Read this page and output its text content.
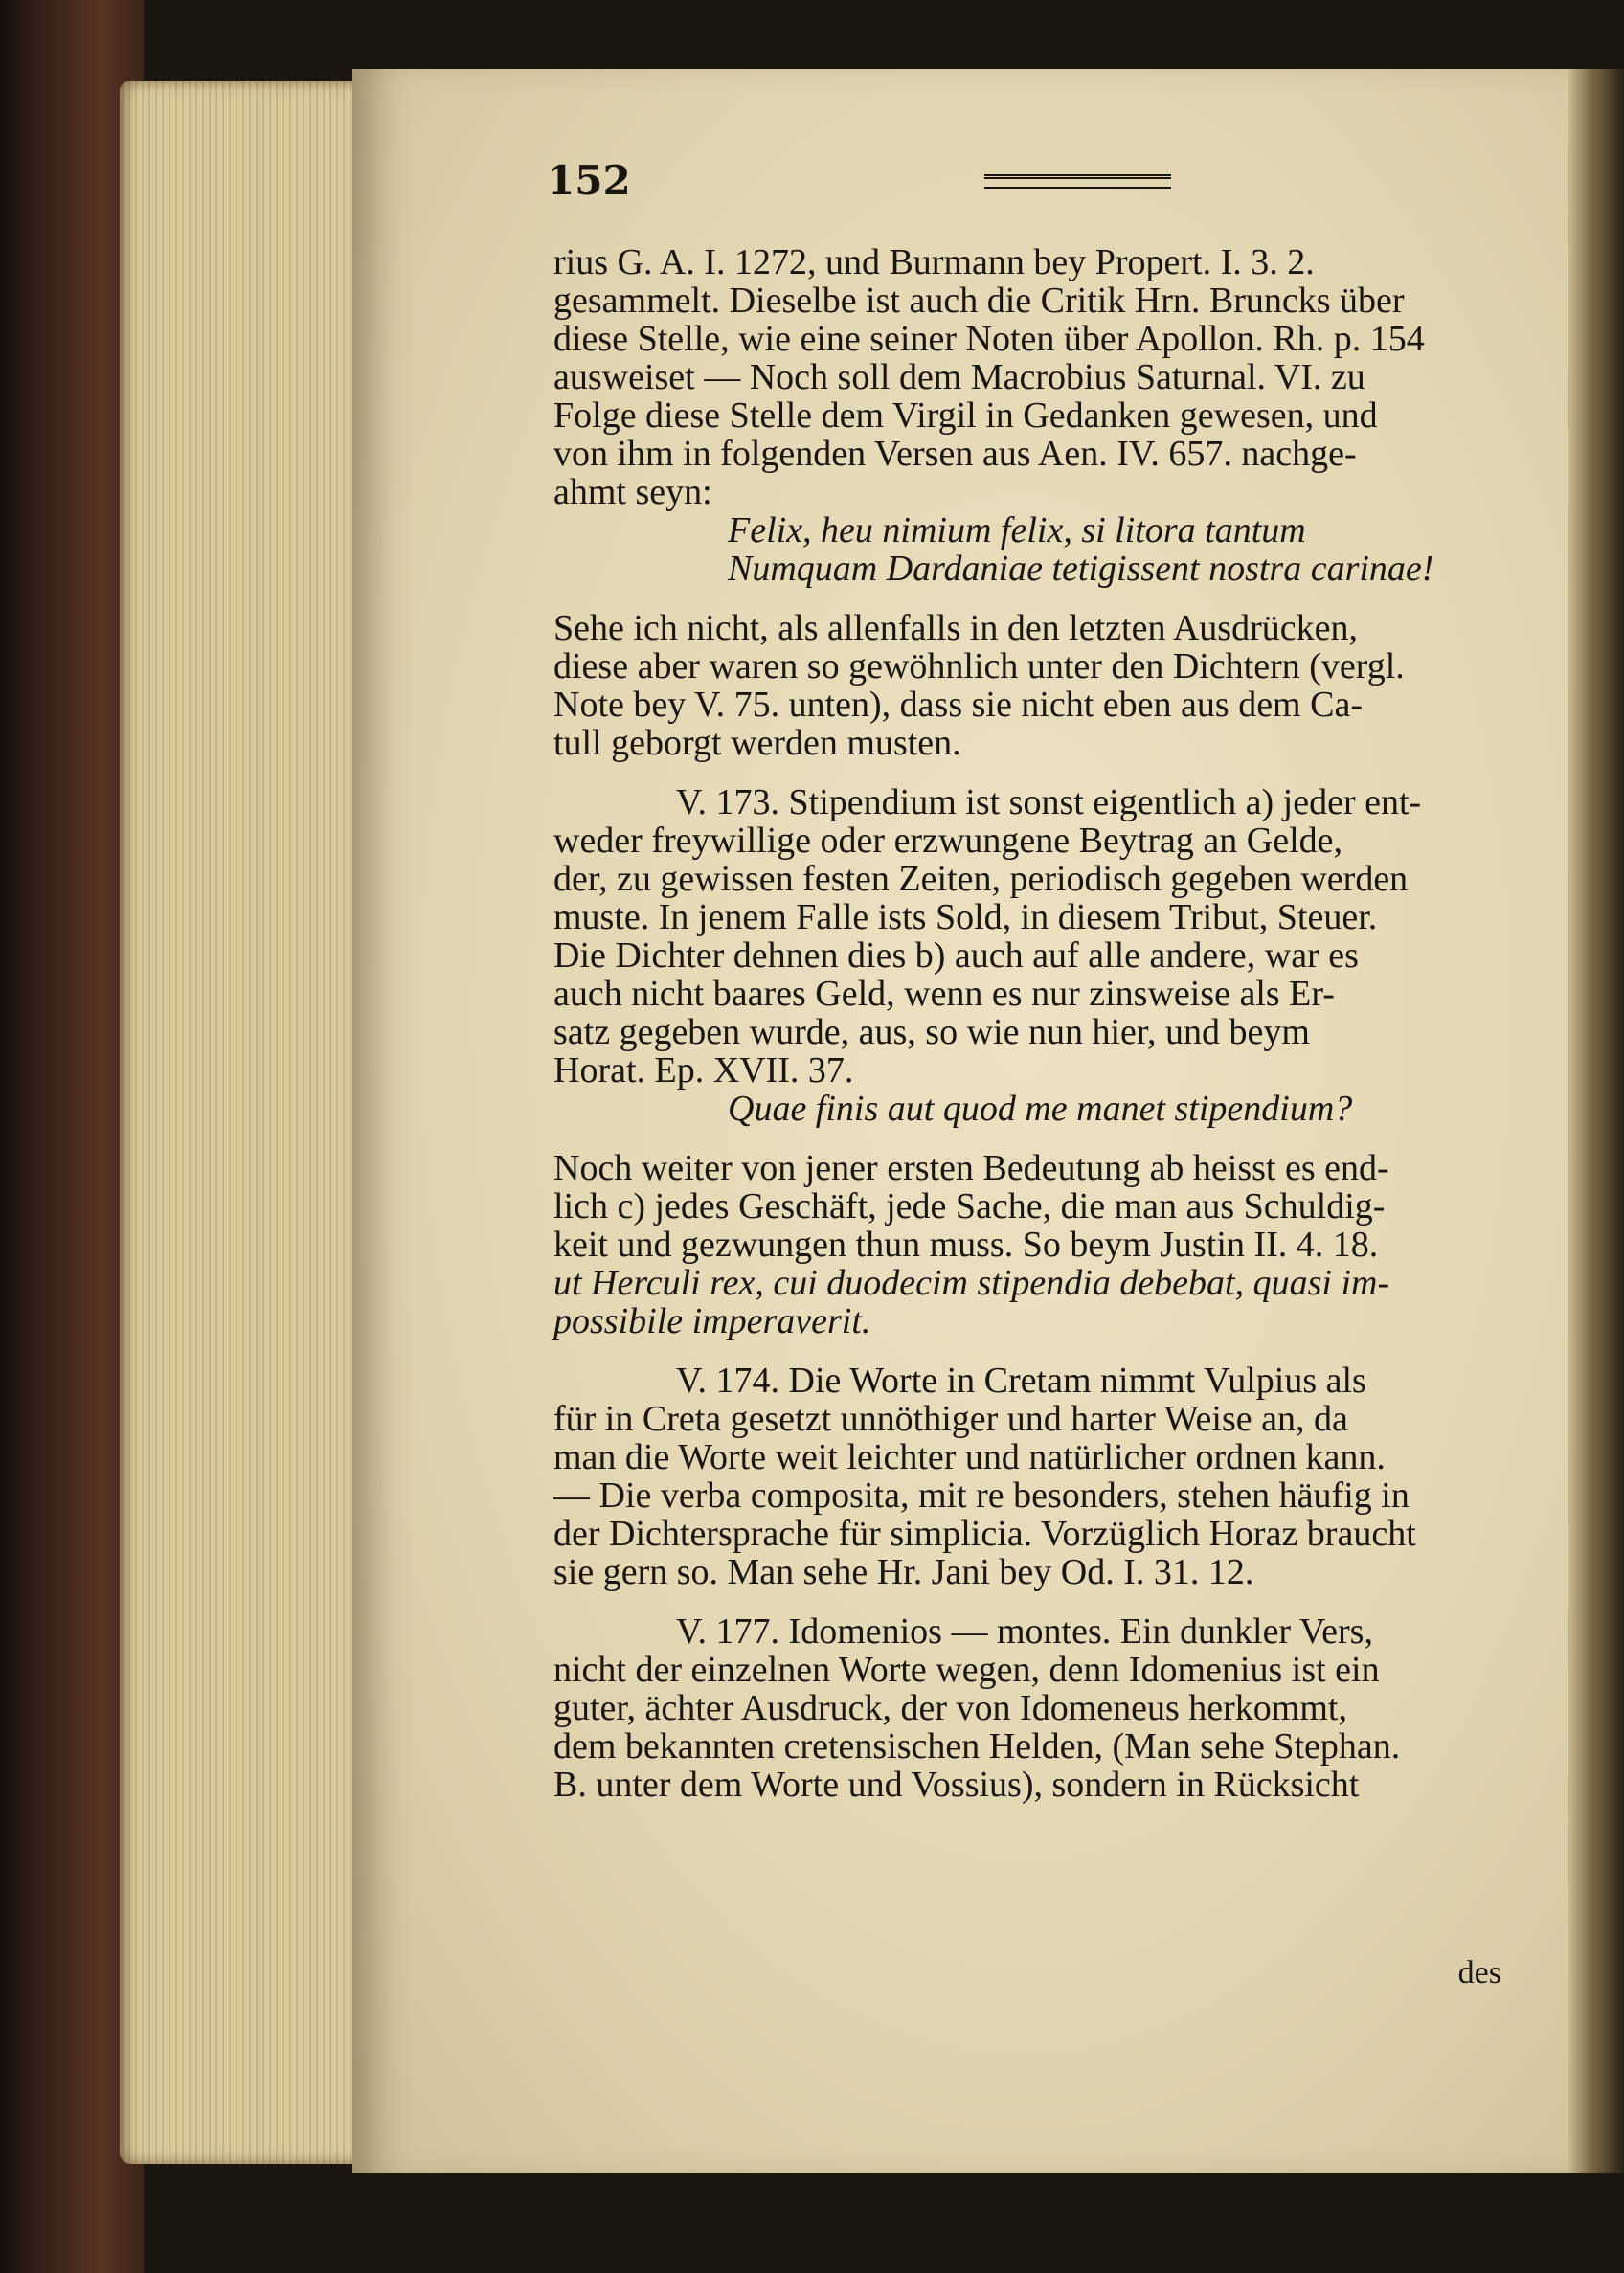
152
rius G. A. I. 1272, und Burmann bey Propert. I. 3. 2.
gesammelt. Dieselbe ist auch die Critik Hrn. Bruncks über
diese Stelle, wie eine seiner Noten über Apollon. Rh. p. 154
ausweiset — Noch soll dem Macrobius Saturnal. VI. zu
Folge diese Stelle dem Virgil in Gedanken gewesen, und
von ihm in folgenden Versen aus Aen. IV. 657. nachge-
ahmt seyn:
Felix, heu nimium felix, si litora tantum
Numquam Dardaniae tetigissent nostra carinae!
Sehe ich nicht, als allenfalls in den letzten Ausdrücken,
diese aber waren so gewöhnlich unter den Dichtern (vergl.
Note bey V. 75. unten), dass sie nicht eben aus dem Ca-
tull geborgt werden musten.
V. 173. Stipendium ist sonst eigentlich a) jeder ent-
weder freywillige oder erzwungene Beytrag an Gelde,
der, zu gewissen festen Zeiten, periodisch gegeben werden
muste. In jenem Falle ists Sold, in diesem Tribut, Steuer.
Die Dichter dehnen dies b) auch auf alle andere, war es
auch nicht baares Geld, wenn es nur zinsweise als Er-
satz gegeben wurde, aus, so wie nun hier, und beym
Horat. Ep. XVII. 37.
Quae finis aut quod me manet stipendium?
Noch weiter von jener ersten Bedeutung ab heisst es end-
lich c) jedes Geschäft, jede Sache, die man aus Schuldig-
keit und gezwungen thun muss. So beym Justin II. 4. 18.
ut Herculi rex, cui duodecim stipendia debebat, quasi im-
possibile imperaverit.
V. 174. Die Worte in Cretam nimmt Vulpius als
für in Creta gesetzt unnöthiger und harter Weise an, da
man die Worte weit leichter und natürlicher ordnen kann.
— Die verba composita, mit re besonders, stehen häufig in
der Dichtersprache für simplicia. Vorzüglich Horaz braucht
sie gern so. Man sehe Hr. Jani bey Od. I. 31. 12.
V. 177. Idomenios — montes. Ein dunkler Vers,
nicht der einzelnen Worte wegen, denn Idomenius ist ein
guter, ächter Ausdruck, der von Idomeneus herkommt,
dem bekannten cretensischen Helden, (Man sehe Stephan.
B. unter dem Worte und Vossius), sondern in Rücksicht
des
